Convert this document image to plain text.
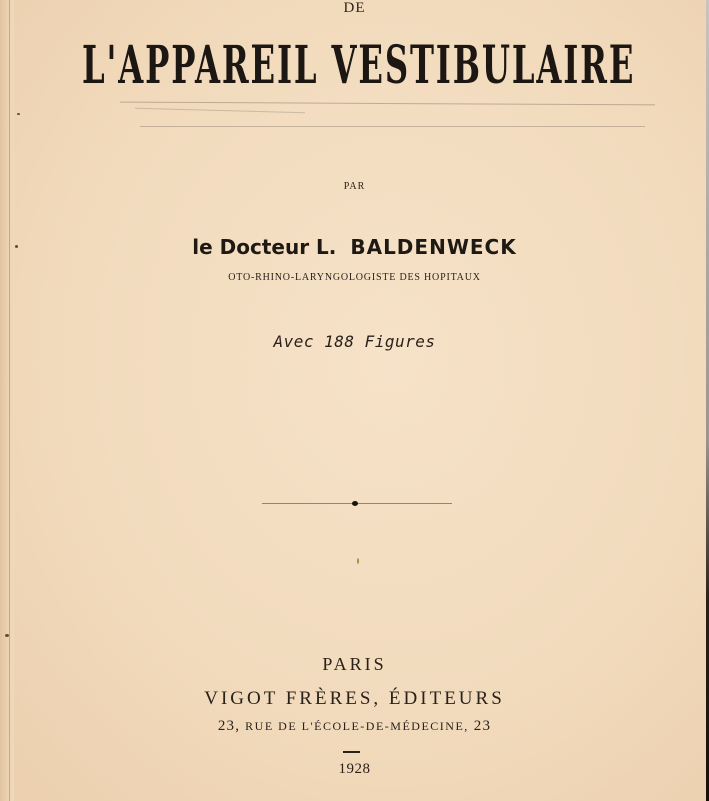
DE
L'APPAREIL VESTIBULAIRE
PAR
le Docteur L. BALDENWECK
OTO-RHINO-LARYNGOLOGISTE DES HOPITAUX
Avec 188 Figures
PARIS
VIGOT FRÈRES, ÉDITEURS
23, RUE DE L'ÉCOLE-DE-MÉDECINE, 23
1928
